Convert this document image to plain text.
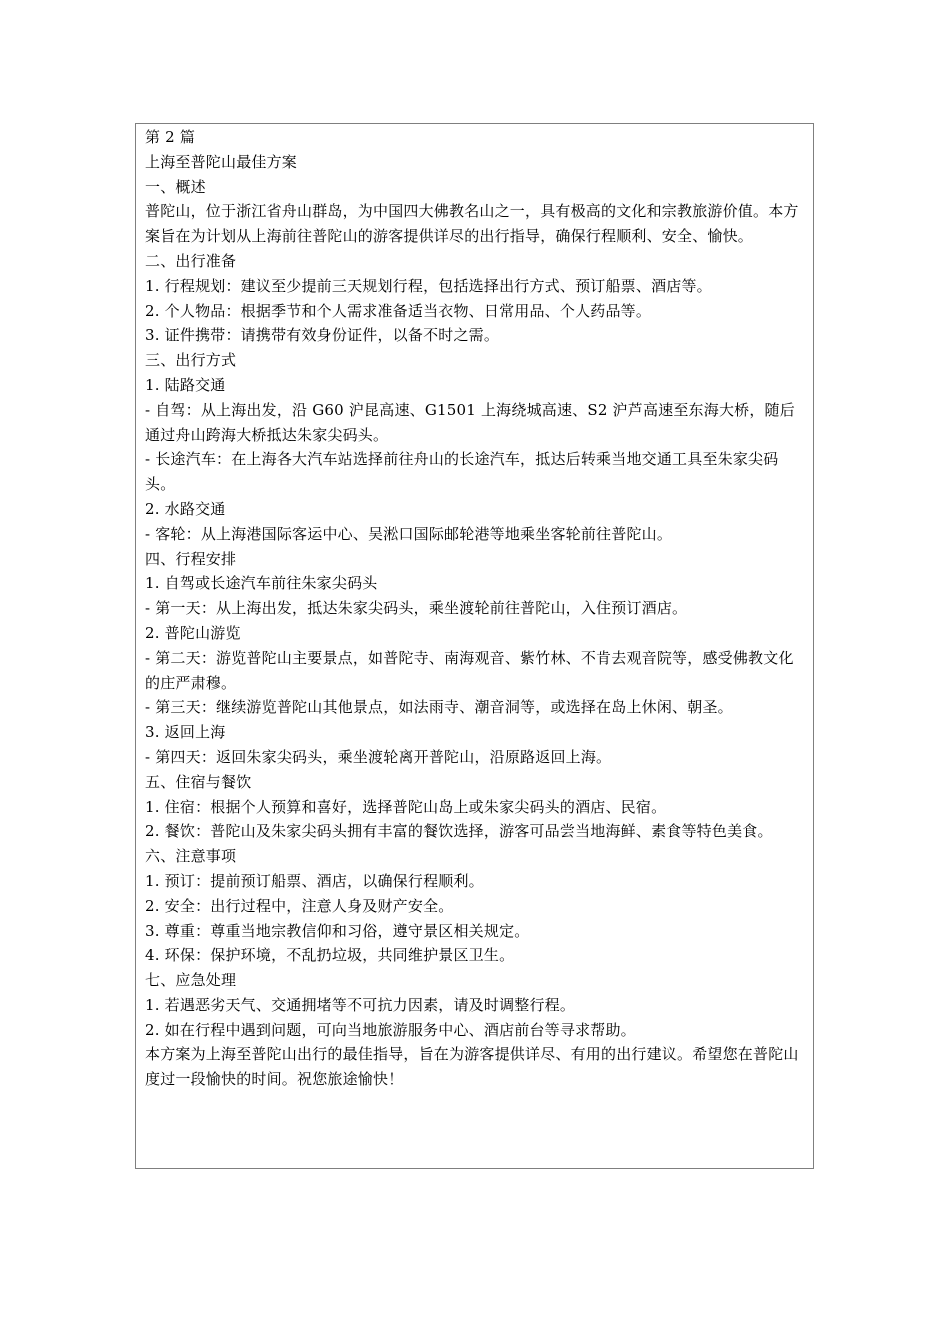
第 2 篇

上海至普陀山最佳方案

一、概述

普陀山，位于浙江省舟山群岛，为中国四大佛教名山之一，具有极高的文化和宗教旅游价值。本方案旨在为计划从上海前往普陀山的游客提供详尽的出行指导，确保行程顺利、安全、愉快。

二、出行准备

1. 行程规划：建议至少提前三天规划行程，包括选择出行方式、预订船票、酒店等。

2. 个人物品：根据季节和个人需求准备适当衣物、日常用品、个人药品等。

3. 证件携带：请携带有效身份证件，以备不时之需。

三、出行方式

1. 陆路交通

- 自驾：从上海出发，沿 G60 沪昆高速、G1501 上海绕城高速、S2 沪芦高速至东海大桥，随后通过舟山跨海大桥抵达朱家尖码头。

- 长途汽车：在上海各大汽车站选择前往舟山的长途汽车，抵达后转乘当地交通工具至朱家尖码头。

2. 水路交通

- 客轮：从上海港国际客运中心、吴淞口国际邮轮港等地乘坐客轮前往普陀山。

四、行程安排

1. 自驾或长途汽车前往朱家尖码头

- 第一天：从上海出发，抵达朱家尖码头，乘坐渡轮前往普陀山，入住预订酒店。

2. 普陀山游览

- 第二天：游览普陀山主要景点，如普陀寺、南海观音、紫竹林、不肯去观音院等，感受佛教文化的庄严肃穆。

- 第三天：继续游览普陀山其他景点，如法雨寺、潮音洞等，或选择在岛上休闲、朝圣。

3. 返回上海

- 第四天：返回朱家尖码头，乘坐渡轮离开普陀山，沿原路返回上海。

五、住宿与餐饮

1. 住宿：根据个人预算和喜好，选择普陀山岛上或朱家尖码头的酒店、民宿。

2. 餐饮：普陀山及朱家尖码头拥有丰富的餐饮选择，游客可品尝当地海鲜、素食等特色美食。

六、注意事项

1. 预订：提前预订船票、酒店，以确保行程顺利。

2. 安全：出行过程中，注意人身及财产安全。

3. 尊重：尊重当地宗教信仰和习俗，遵守景区相关规定。

4. 环保：保护环境，不乱扔垃圾，共同维护景区卫生。

七、应急处理

1. 若遇恶劣天气、交通拥堵等不可抗力因素，请及时调整行程。

2. 如在行程中遇到问题，可向当地旅游服务中心、酒店前台等寻求帮助。

本方案为上海至普陀山出行的最佳指导，旨在为游客提供详尽、有用的出行建议。希望您在普陀山度过一段愉快的时间。祝您旅途愉快！
